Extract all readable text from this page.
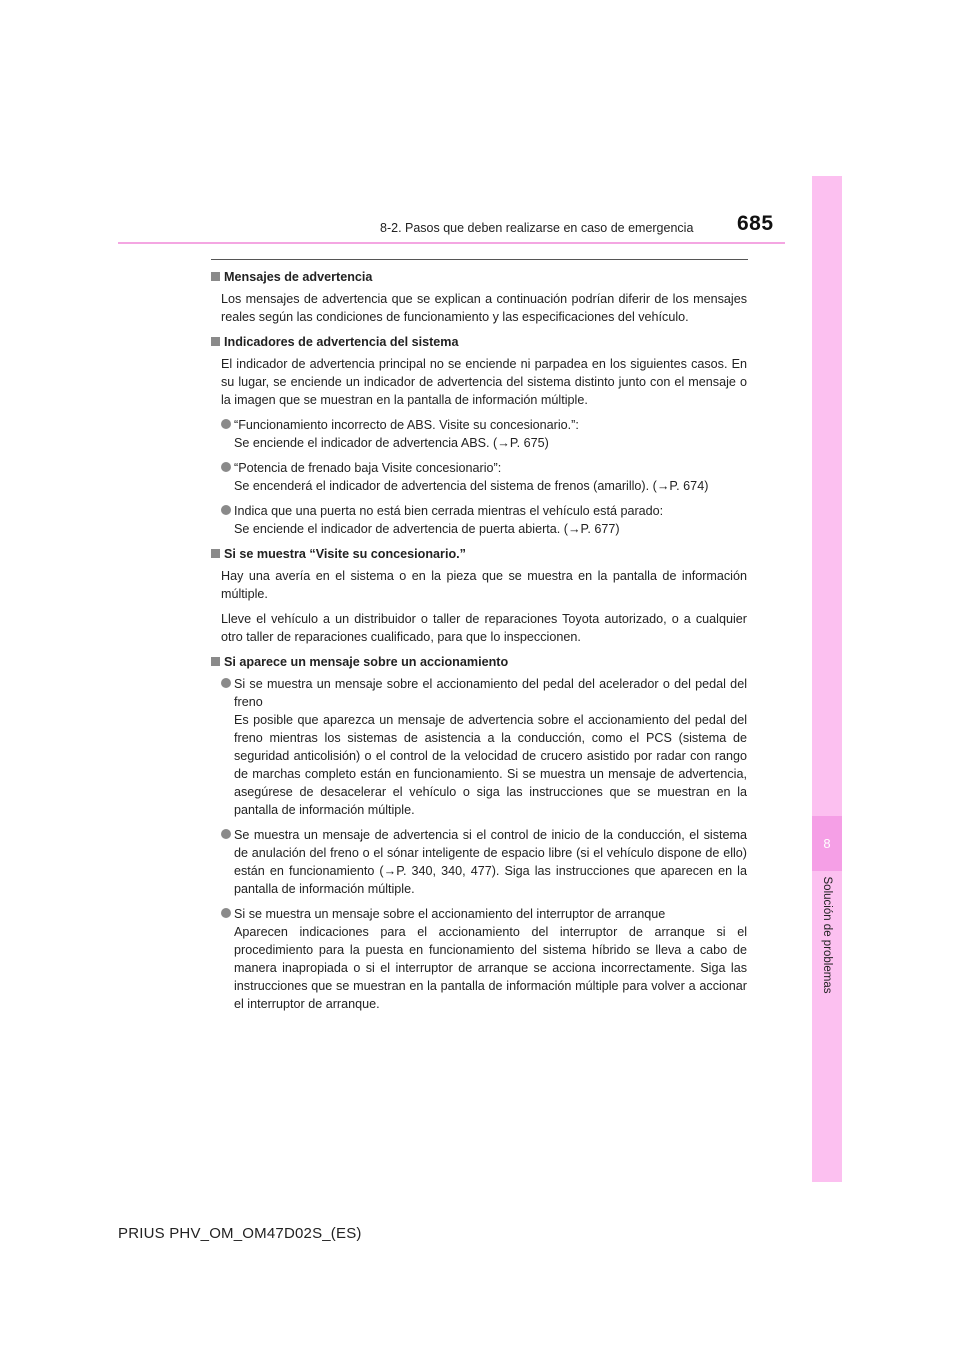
8
Solución de problemas
8-2. Pasos que deben realizarse en caso de emergencia 685
Mensajes de advertencia

Los mensajes de advertencia que se explican a continuación podrían diferir de los mensajes reales según las condiciones de funcionamiento y las especificaciones del vehículo.

Indicadores de advertencia del sistema

El indicador de advertencia principal no se enciende ni parpadea en los siguientes casos. En su lugar, se enciende un indicador de advertencia del sistema distinto junto con el mensaje o la imagen que se muestran en la pantalla de información múltiple.

“Funcionamiento incorrecto de ABS. Visite su concesionario.”:
Se enciende el indicador de advertencia ABS. (→P. 675)
“Potencia de frenado baja Visite concesionario”:
Se encenderá el indicador de advertencia del sistema de frenos (amarillo). (→P. 674)
Indica que una puerta no está bien cerrada mientras el vehículo está parado:
Se enciende el indicador de advertencia de puerta abierta. (→P. 677)
Si se muestra “Visite su concesionario.”

Hay una avería en el sistema o en la pieza que se muestra en la pantalla de información múltiple.

Lleve el vehículo a un distribuidor o taller de reparaciones Toyota autorizado, o a cualquier otro taller de reparaciones cualificado, para que lo inspeccionen.

Si aparece un mensaje sobre un accionamiento
Si se muestra un mensaje sobre el accionamiento del pedal del acelerador o del pedal del freno
Es posible que aparezca un mensaje de advertencia sobre el accionamiento del pedal del freno mientras los sistemas de asistencia a la conducción, como el PCS (sistema de seguridad anticolisión) o el control de la velocidad de crucero asistido por radar con rango de marchas completo están en funcionamiento. Si se muestra un mensaje de advertencia, asegúrese de desacelerar el vehículo o siga las instrucciones que se muestran en la pantalla de información múltiple.
Se muestra un mensaje de advertencia si el control de inicio de la conducción, el sistema de anulación del freno o el sónar inteligente de espacio libre (si el vehículo dispone de ello) están en funcionamiento (→P. 340, 340, 477). Siga las instrucciones que aparecen en la pantalla de información múltiple.
Si se muestra un mensaje sobre el accionamiento del interruptor de arranque
Aparecen indicaciones para el accionamiento del interruptor de arranque si el procedimiento para la puesta en funcionamiento del sistema híbrido se lleva a cabo de manera inapropiada o si el interruptor de arranque se acciona incorrectamente. Siga las instrucciones que se muestran en la pantalla de información múltiple para volver a accionar el interruptor de arranque.
PRIUS PHV_OM_OM47D02S_(ES)
